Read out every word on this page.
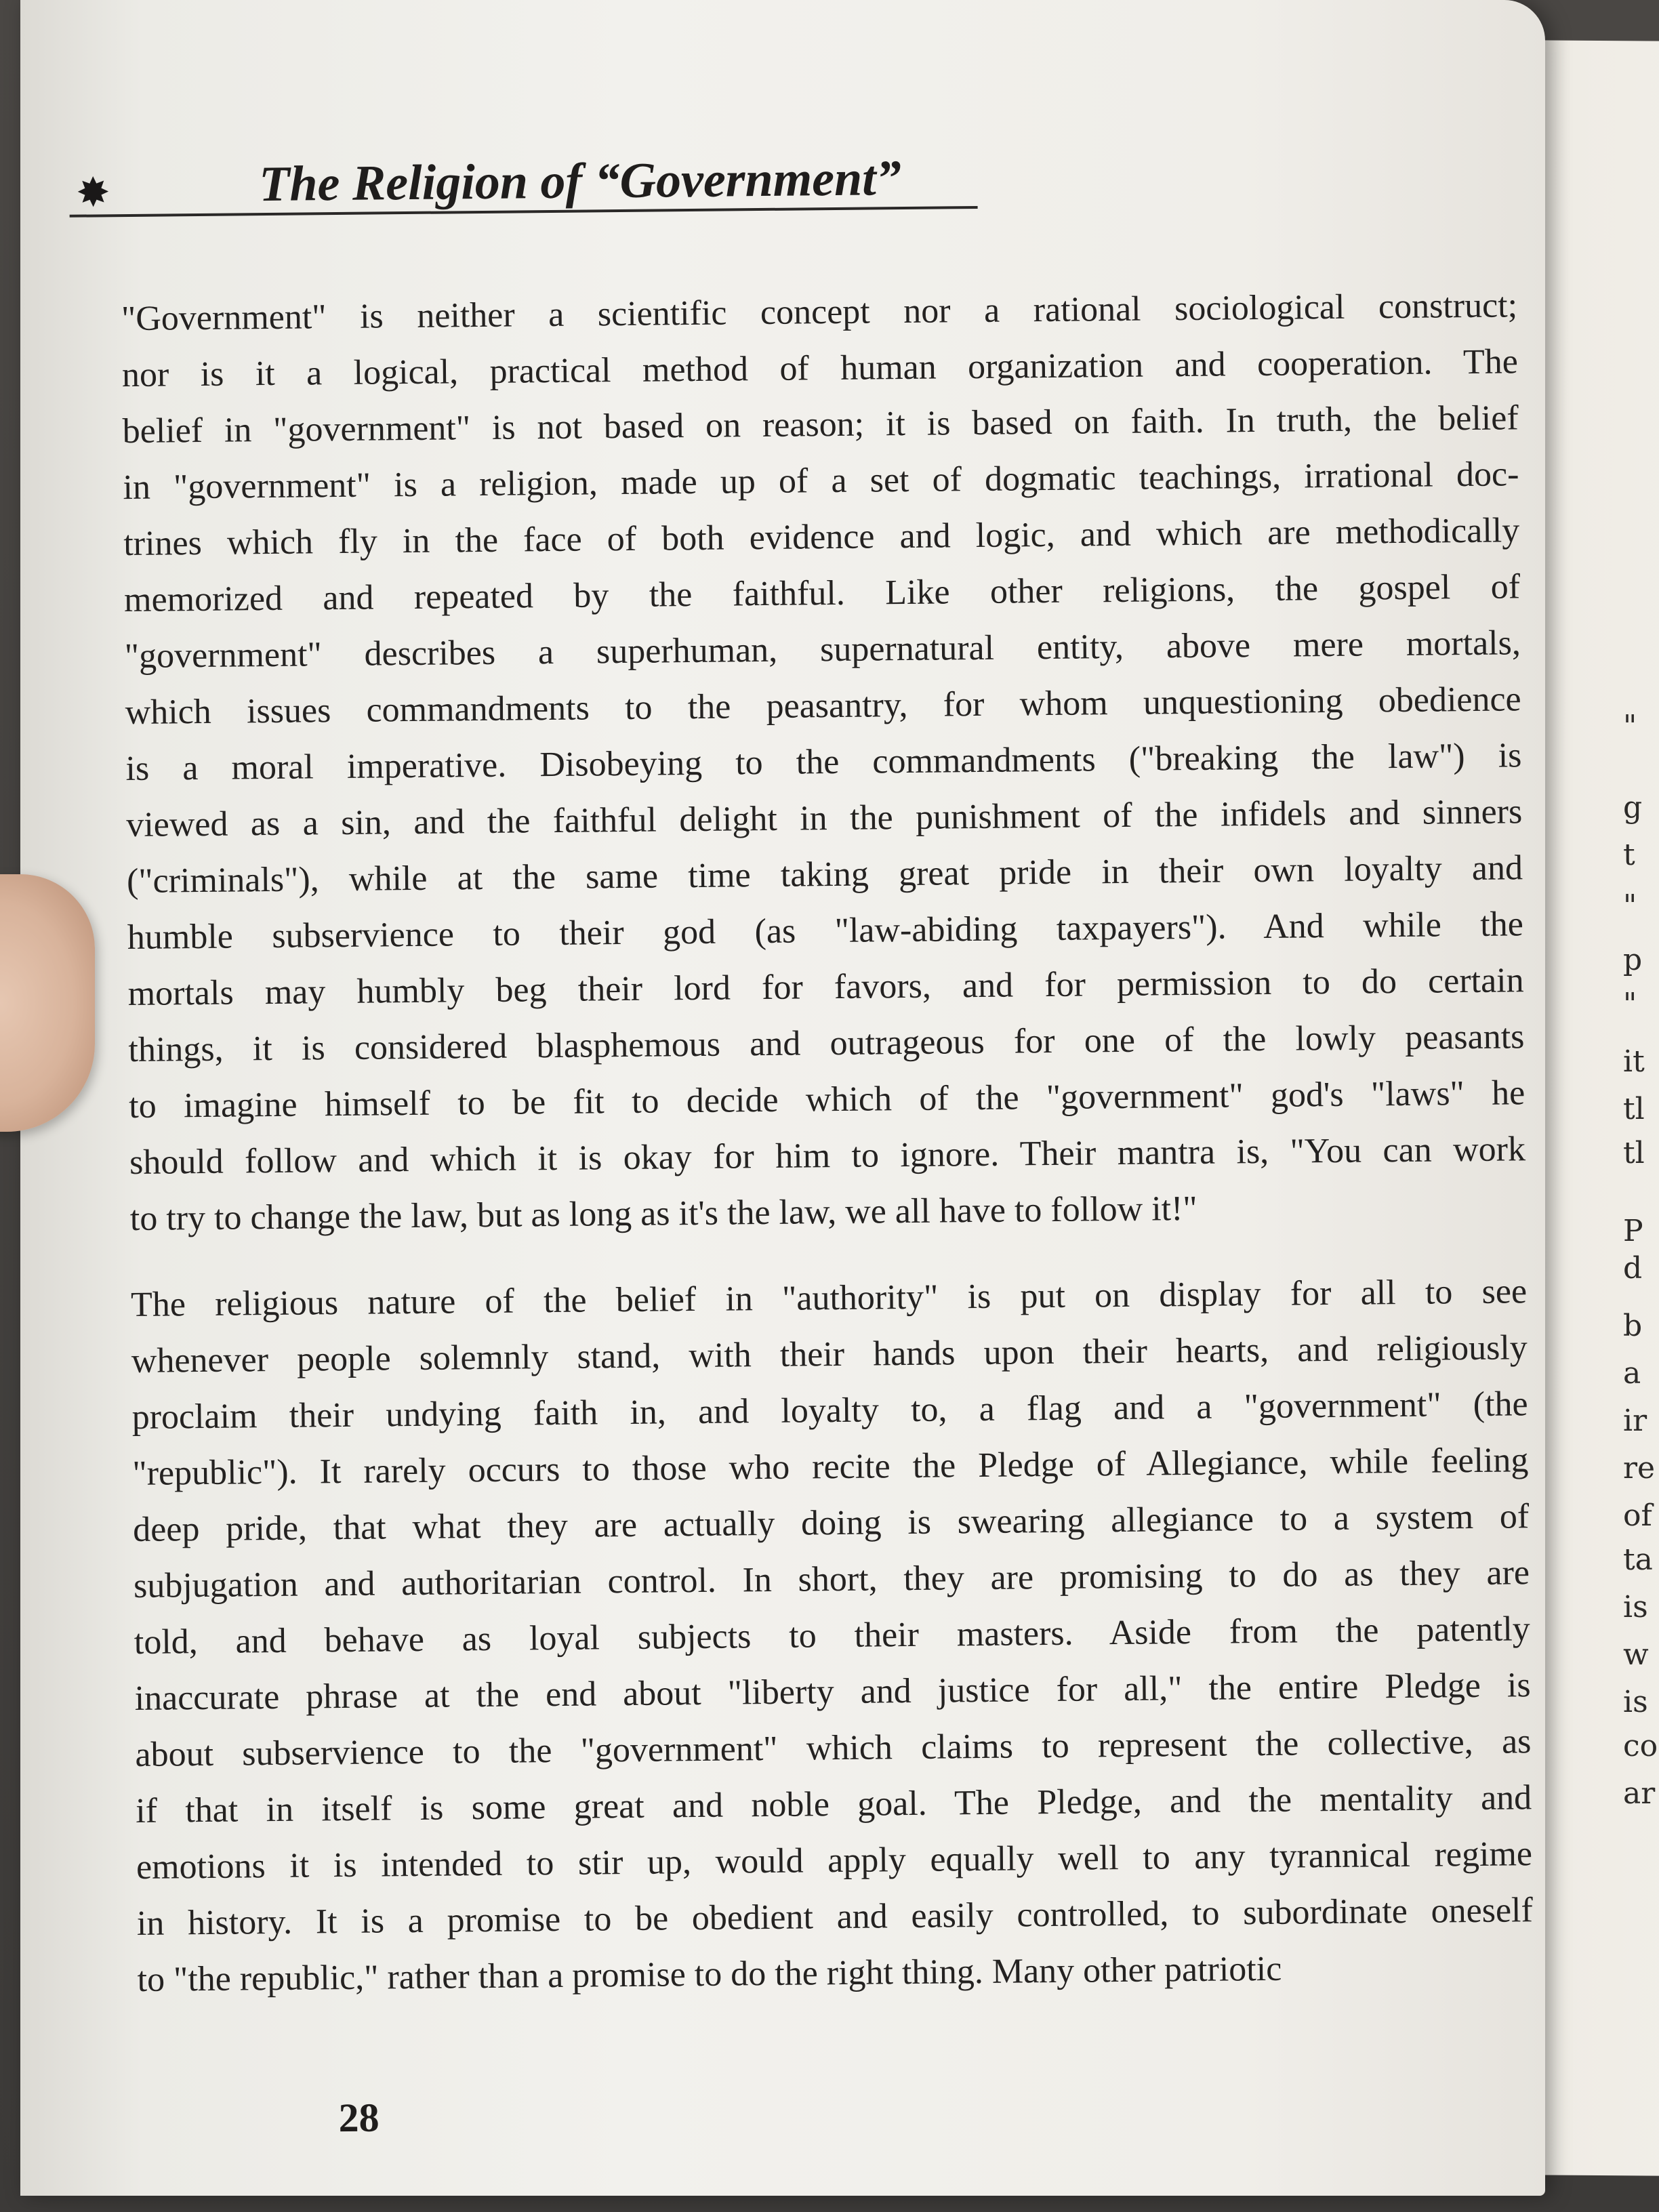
"
g
t
"
p
"
it
tl
tl
P
d
b
a
ir
re
of
ta
is
w
is
co
ar
✸	The Religion of “Government”
"Government" is neither a scientific concept nor a rational sociological construct;
nor is it a logical, practical method of human organization and cooperation. The
belief in "government" is not based on reason; it is based on faith. In truth, the belief
in "government" is a religion, made up of a set of dogmatic teachings, irrational doc-
trines which fly in the face of both evidence and logic, and which are methodically
memorized and repeated by the faithful. Like other religions, the gospel of
"government" describes a superhuman, supernatural entity, above mere mortals,
which issues commandments to the peasantry, for whom unquestioning obedience
is a moral imperative. Disobeying to the commandments ("breaking the law") is
viewed as a sin, and the faithful delight in the punishment of the infidels and sinners
("criminals"), while at the same time taking great pride in their own loyalty and
humble subservience to their god (as "law-abiding taxpayers"). And while the
mortals may humbly beg their lord for favors, and for permission to do certain
things, it is considered blasphemous and outrageous for one of the lowly peasants
to imagine himself to be fit to decide which of the "government" god's "laws" he
should follow and which it is okay for him to ignore. Their mantra is, "You can work
to try to change the law, but as long as it's the law, we all have to follow it!"
The religious nature of the belief in "authority" is put on display for all to see
whenever people solemnly stand, with their hands upon their hearts, and religiously
proclaim their undying faith in, and loyalty to, a flag and a "government" (the
"republic"). It rarely occurs to those who recite the Pledge of Allegiance, while feeling
deep pride, that what they are actually doing is swearing allegiance to a system of
subjugation and authoritarian control. In short, they are promising to do as they are
told, and behave as loyal subjects to their masters. Aside from the patently
inaccurate phrase at the end about "liberty and justice for all," the entire Pledge is
about subservience to the "government" which claims to represent the collective, as
if that in itself is some great and noble goal. The Pledge, and the mentality and
emotions it is intended to stir up, would apply equally well to any tyrannical regime
in history. It is a promise to be obedient and easily controlled, to subordinate oneself
to "the republic," rather than a promise to do the right thing. Many other patriotic
28
